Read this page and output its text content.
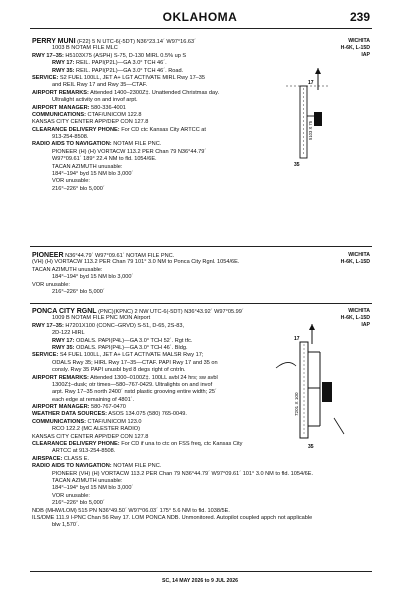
OKLAHOMA	239
PERRY MUNI (F22) 5 N UTC-6(-5DT) N36°23.14´ W97°16.63´
1003 B NOTAM FILE MLC
RWY 17–35: H5103X75 (ASPH) S-75, D-130 MIRL 0.5% up S
RWY 17: REIL. PAPI(P2L)—GA 3.0° TCH 46´.
RWY 35: REIL. PAPI(P2L)—GA 3.0° TCH 46´. Road.
SERVICE: S2 FUEL 100LL, JET A+ LGT ACTIVATE MIRL Rwy 17–35
and REIL Rwy 17 and Rwy 35—CTAF.
AIRPORT REMARKS: Attended 1400–2300Z‡. Unattended Christmas day.
Ultralight activity on and invof arpt.
AIRPORT MANAGER: 580-336-4001
COMMUNICATIONS: CTAF/UNICOM 122.8
KANSAS CITY CENTER APP/DEP CON 127.8
CLEARANCE DELIVERY PHONE: For CD ctc Kansas City ARTCC at
913-254-8508.
RADIO AIDS TO NAVIGATION: NOTAM FILE PNC.
PIONEER (H) (H) VORTACW 113.2 PER Chan 79 N36°44.79´
W97°09.61´ 189° 22.4 NM to fld. 1054/6E.
TACAN AZIMUTH unusable:
184°–194° byd 15 NM blo 3,000´
VOR unusable:
216°–226° blo 5,000´
WICHITA
H-6K, L-15D
IAP
17
5103 X 75
35
PIONEER N36°44.79´ W97°09.61´ NOTAM FILE PNC.
(VH) (H) VORTACW 113.2 PER Chan 79 101° 3.0 NM to Ponca City Rgnl. 1054/6E.
TACAN AZIMUTH unusable:
184°–194° byd 15 NM blo 3,000´
VOR unusable:
216°–226° blo 5,000´
WICHITA
H-6K, L-15D
PONCA CITY RGNL (PNC)(KPNC) 2 NW UTC-6(-5DT) N36°43.92´ W97°05.99´
1009 B NOTAM FILE PNC MON Airport
RWY 17–35: H7201X100 (CONC–GRVD) S-51, D-65, 2S-83,
2D-122 HIRL
RWY 17: ODALS. PAPI(P4L)—GA 3.0° TCH 52´. Rgt tfc.
RWY 35: ODALS. PAPI(P4L)—GA 3.0° TCH 46´. Bldg.
SERVICE: S4 FUEL 100LL, JET A+ LGT ACTIVATE MALSR Rwy 17;
ODALS Rwy 35; HIRL Rwy 17–35—CTAF. PAPI Rwy 17 and 35 on
consly. Rwy 35 PAPI unusbl byd 8 degs right of cntrln.
AIRPORT REMARKS: Attended 1300–0100Z‡. 100LL avbl 24 hrs; sw avbl
1300Z‡–dusk; otr times—580–767-0429. Ultralights on and invof
arpt. Rwy 17–35 north 2400´ nstd plastic grooving entire width; 25´
each edge at remaining of 4801´.
AIRPORT MANAGER: 580-767-0470
WEATHER DATA SOURCES: ASOS 134.075 (580) 765-0049.
COMMUNICATIONS: CTAF/UNICOM 123.0
RCO 122.2 (MC ALESTER RADIO)
KANSAS CITY CENTER APP/DEP CON 127.8
CLEARANCE DELIVERY PHONE: For CD if una to ctc on FSS freq, ctc Kansas City
ARTCC at 913-254-8508.
AIRSPACE: CLASS E.
RADIO AIDS TO NAVIGATION: NOTAM FILE PNC.
PIONEER (VH) (H) VORTACW 113.2 PER Chan 79 N36°44.79´ W97°09.61´ 101° 3.0 NM to fld. 1054/6E.
TACAN AZIMUTH unusable:
184°–194° byd 15 NM blo 3,000´
VOR unusable:
216°–226° blo 5,000´
NDB (MHW/LOM) 515 PN N36°49.50´ W97°06.03´ 175° 5.6 NM to fld. 1038/5E.
ILS/DME 111.9 I-PNC Chan 56 Rwy 17. LOM PONCA NDB. Unmonitored. Autopilot coupled appch not applicable
blw 1,570´.
WICHITA
H-6K, L-15D
IAP
17
7201 X 100
35
SC, 14 MAY 2026 to 9 JUL 2026
